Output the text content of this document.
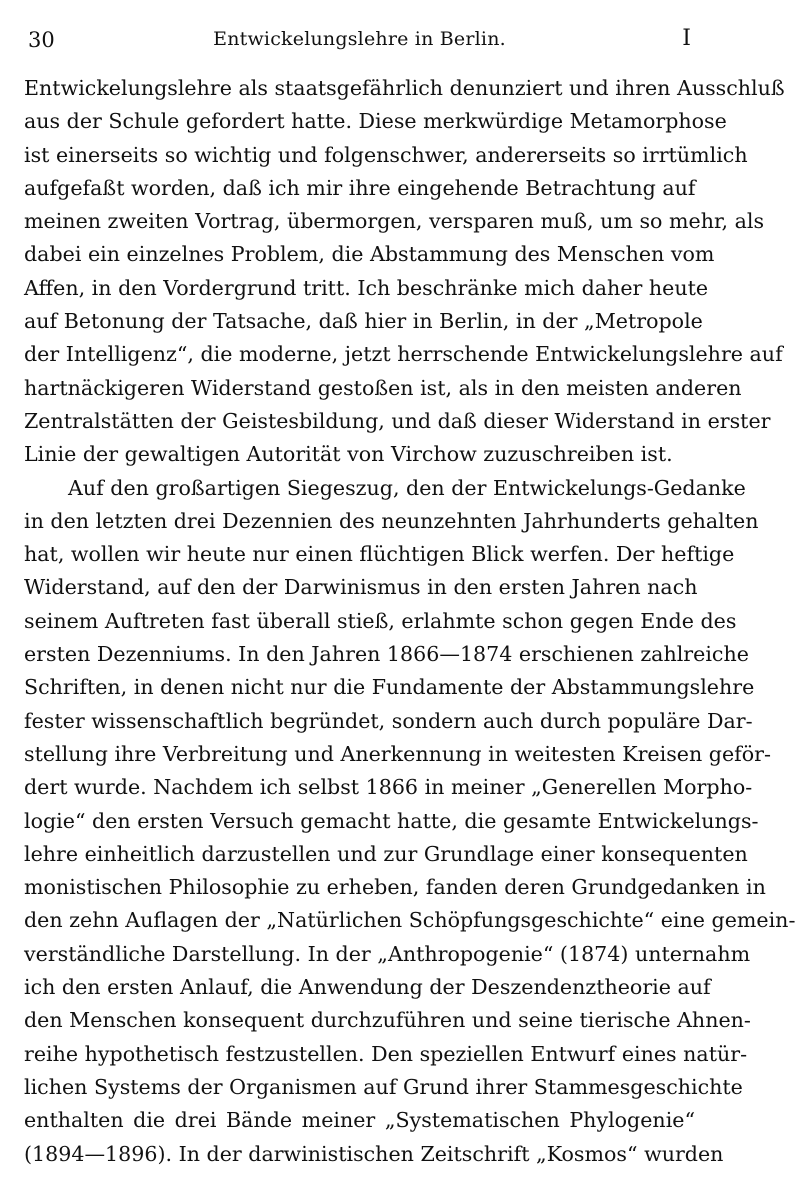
30	Entwickelungslehre in Berlin.	I

Entwickelungslehre als staatsgefährlich denunziert und ihren Ausschluß
aus der Schule gefordert hatte. Diese merkwürdige Metamorphose
ist einerseits so wichtig und folgenschwer, andererseits so irrtümlich
aufgefaßt worden, daß ich mir ihre eingehende Betrachtung auf
meinen zweiten Vortrag, übermorgen, versparen muß, um so mehr, als
dabei ein einzelnes Problem, die Abstammung des Menschen vom
Affen, in den Vordergrund tritt. Ich beschränke mich daher heute
auf Betonung der Tatsache, daß hier in Berlin, in der „Metropole
der Intelligenz“, die moderne, jetzt herrschende Entwickelungslehre auf
hartnäckigeren Widerstand gestoßen ist, als in den meisten anderen
Zentralstätten der Geistesbildung, und daß dieser Widerstand in erster
Linie der gewaltigen Autorität von Virchow zuzuschreiben ist.

Auf den großartigen Siegeszug, den der Entwickelungs-Gedanke
in den letzten drei Dezennien des neunzehnten Jahrhunderts gehalten
hat, wollen wir heute nur einen flüchtigen Blick werfen. Der heftige
Widerstand, auf den der Darwinismus in den ersten Jahren nach
seinem Auftreten fast überall stieß, erlahmte schon gegen Ende des
ersten Dezenniums. In den Jahren 1866—1874 erschienen zahlreiche
Schriften, in denen nicht nur die Fundamente der Abstammungslehre
fester wissenschaftlich begründet, sondern auch durch populäre Dar-
stellung ihre Verbreitung und Anerkennung in weitesten Kreisen geför-
dert wurde. Nachdem ich selbst 1866 in meiner „Generellen Morpho-
logie“ den ersten Versuch gemacht hatte, die gesamte Entwickelungs-
lehre einheitlich darzustellen und zur Grundlage einer konsequenten
monistischen Philosophie zu erheben, fanden deren Grundgedanken in
den zehn Auflagen der „Natürlichen Schöpfungsgeschichte“ eine gemein-
verständliche Darstellung. In der „Anthropogenie“ (1874) unternahm
ich den ersten Anlauf, die Anwendung der Deszendenztheorie auf
den Menschen konsequent durchzuführen und seine tierische Ahnen-
reihe hypothetisch festzustellen. Den speziellen Entwurf eines natür-
lichen Systems der Organismen auf Grund ihrer Stammesgeschichte
enthalten die drei Bände meiner „Systematischen Phylogenie“
(1894—1896). In der darwinistischen Zeitschrift „Kosmos“ wurden
